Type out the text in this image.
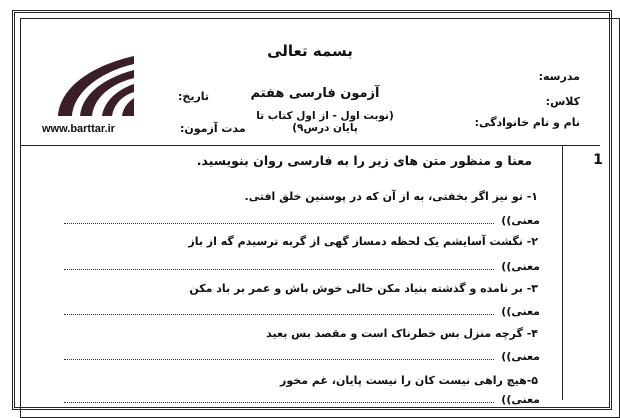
بسمه تعالی
آزمون فارسی هفتم
(نوبت اول - از اول کتاب تا پایان درس۹)
مدرسه:
کلاس:
نام و نام خانوادگی:
تاریخ:
مدت آزمون:
www.barttar.ir
1
معنا و منظور متن های زیر را به فارسی روان بنویسید.
۱- تو نیز اگر بخفتی، به از آن که در پوستین خلق افتی.
معنی))
۲- نگشت آسایشم یک لحظه دمساز گهی از گربه ترسیدم گه از باز
معنی))
۳- بر نامده و گذشته بنیاد مکن حالی خوش باش و عمر بر باد مکن
معنی))
۴- گرچه منزل بس خطرناک است و مقصد بس بعید
معنی))
۵-هیچ راهی نیست کان را نیست پایان، غم مخور
معنی))
